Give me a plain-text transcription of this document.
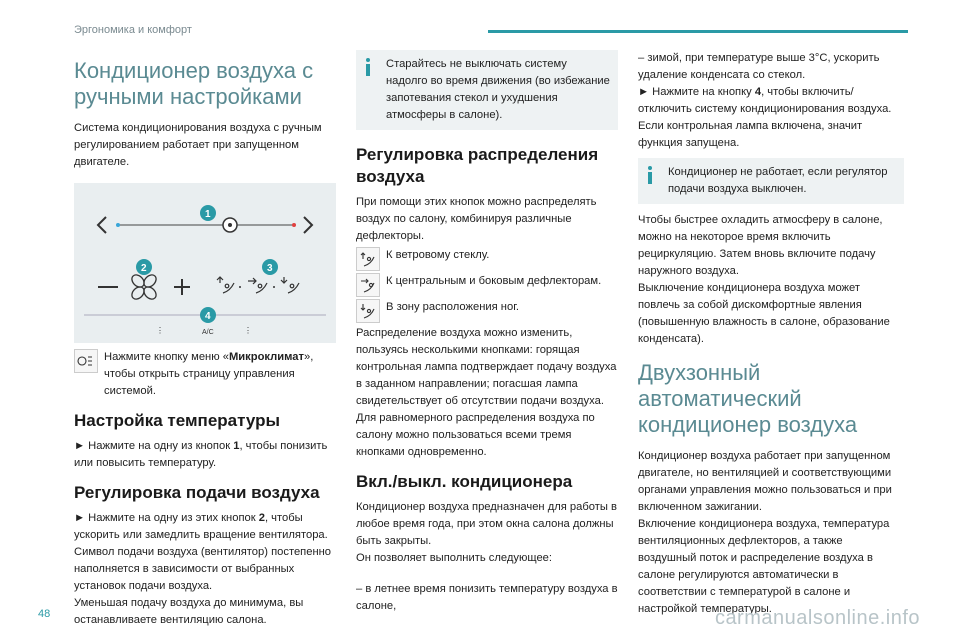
Эргономика и комфорт
Кондиционер воздуха с ручными настройками

Система кондиционирования воздуха с ручным регулированием работает при запущенном двигателе.

⋮	A/C	⋮
1
2	3
4

Нажмите кнопку меню «Микроклимат», чтобы открыть страницу управления системой.

Настройка температуры

► Нажмите на одну из кнопок 1, чтобы понизить или повысить температуру.

Регулировка подачи воздуха

► Нажмите на одну из этих кнопок 2, чтобы ускорить или замедлить вращение вентилятора.

Символ подачи воздуха (вентилятор) постепенно наполняется в зависимости от выбранных установок подачи воздуха.

Уменьшая подачу воздуха до минимума, вы останавливаете вентиляцию салона.

Старайтесь не выключать систему надолго во время движения (во избежание запотевания стекол и ухудшения атмосферы в салоне).
Регулировка распределения воздуха

При помощи этих кнопок можно распределять воздух по салону, комбинируя различные дефлекторы.

К ветровому стеклу.

К центральным и боковым дефлекторам.

В зону расположения ног.

Распределение воздуха можно изменить, пользуясь несколькими кнопками: горящая контрольная лампа подтверждает подачу воздуха в заданном направлении; погасшая лампа свидетельствует об отсутствии подачи воздуха.

Для равномерного распределения воздуха по салону можно пользоваться всеми тремя кнопками одновременно.

Вкл./выкл. кондиционера

Кондиционер воздуха предназначен для работы в любое время года, при этом окна салона должны быть закрыты.

Он позволяет выполнить следующее:

– в летнее время понизить температуру воздуха в салоне,

– зимой, при температуре выше 3°C, ускорить удаление конденсата со стекол.

► Нажмите на кнопку 4, чтобы включить/отключить систему кондиционирования воздуха.

Если контрольная лампа включена, значит функция запущена.

Кондиционер не работает, если регулятор подачи воздуха выключен.

Чтобы быстрее охладить атмосферу в салоне, можно на некоторое время включить рециркуляцию. Затем вновь включите подачу наружного воздуха.

Выключение кондиционера воздуха может повлечь за собой дискомфортные явления (повышенную влажность в салоне, образование конденсата).

Двухзонный автоматический кондиционер воздуха

Кондиционер воздуха работает при запущенном двигателе, но вентиляцией и соответствующими органами управления можно пользоваться и при включенном зажигании.

Включение кондиционера воздуха, температура вентиляционных дефлекторов, а также воздушный поток и распределение воздуха в салоне регулируются автоматически в соответствии с температурой в салоне и настройкой температуры.

48	carmanualsonline.info
